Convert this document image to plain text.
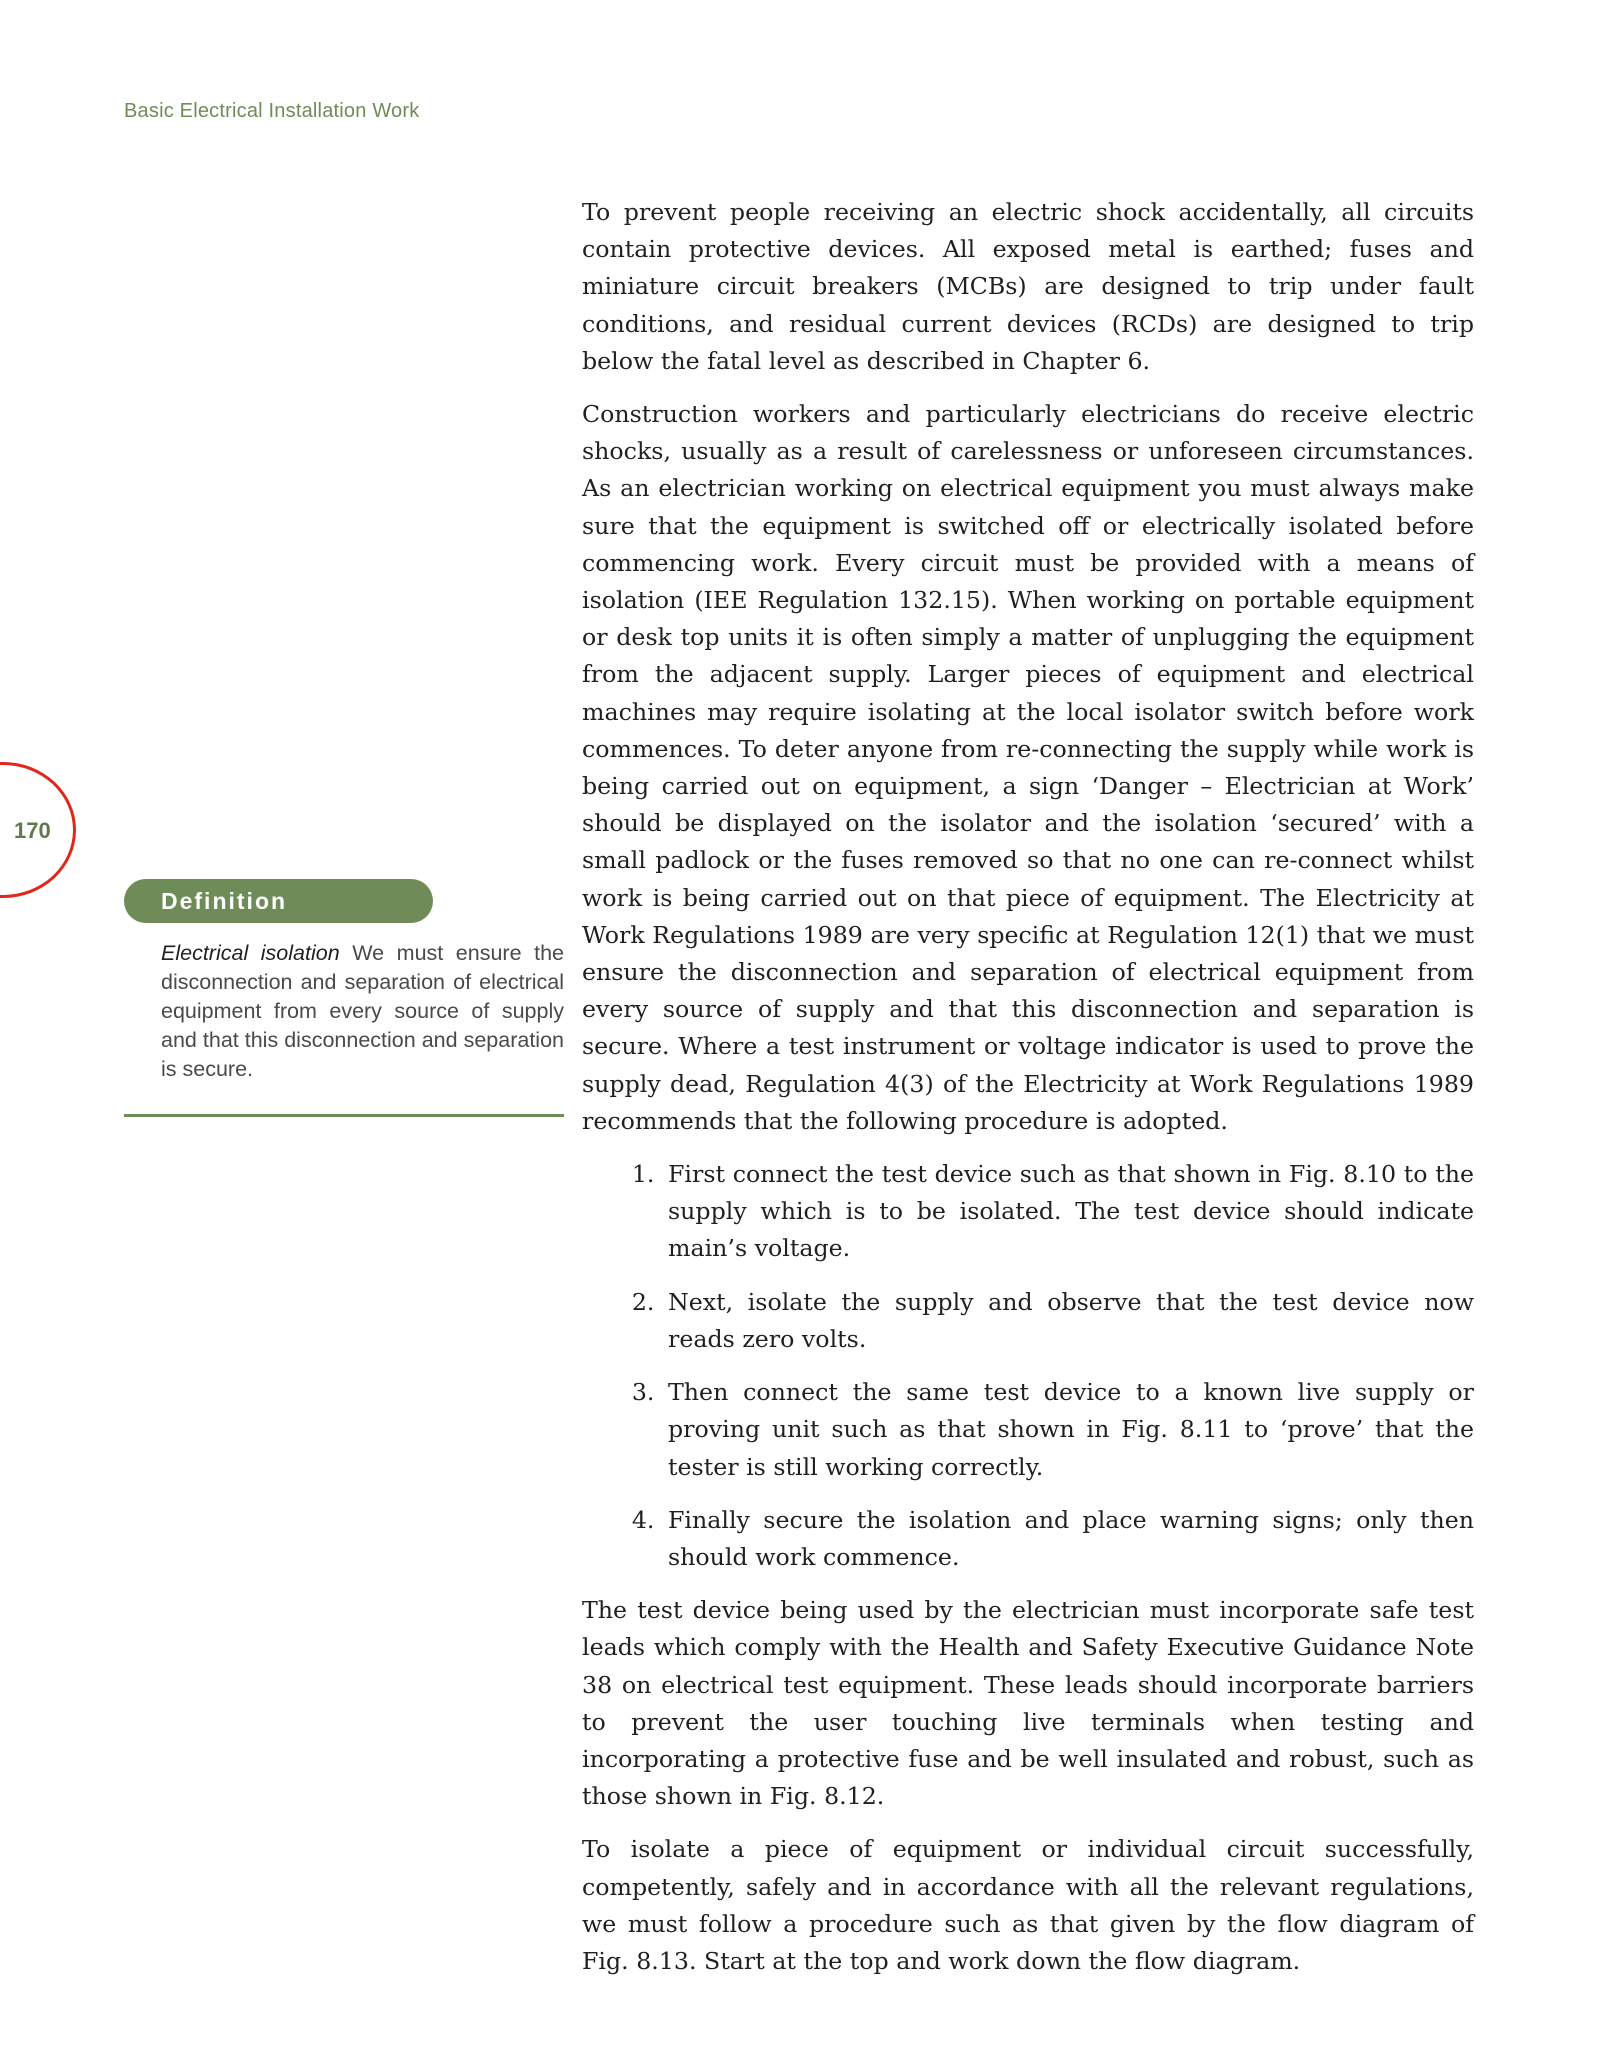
Basic Electrical Installation Work
170
Definition
Electrical isolation We must ensure the disconnection and separation of electrical equipment from every source of supply and that this disconnection and separation is secure.

To prevent people receiving an electric shock accidentally, all circuits contain protective devices. All exposed metal is earthed; fuses and miniature circuit breakers (MCBs) are designed to trip under fault conditions, and residual current devices (RCDs) are designed to trip below the fatal level as described in Chapter 6.

Construction workers and particularly electricians do receive electric shocks, usually as a result of carelessness or unforeseen circumstances. As an electrician working on electrical equipment you must always make sure that the equipment is switched off or electrically isolated before commencing work. Every circuit must be provided with a means of isolation (IEE Regulation 132.15). When working on portable equipment or desk top units it is often simply a matter of unplugging the equipment from the adjacent supply. Larger pieces of equipment and electrical machines may require isolating at the local isolator switch before work commences. To deter anyone from re-connecting the supply while work is being carried out on equipment, a sign ‘Danger – Electrician at Work’ should be displayed on the isolator and the isolation ‘secured’ with a small padlock or the fuses removed so that no one can re-connect whilst work is being carried out on that piece of equipment. The Electricity at Work Regulations 1989 are very specific at Regulation 12(1) that we must ensure the disconnection and separation of electrical equipment from every source of supply and that this disconnection and separation is secure. Where a test instrument or voltage indicator is used to prove the supply dead, Regulation 4(3) of the Electricity at Work Regulations 1989 recommends that the following procedure is adopted.

1. First connect the test device such as that shown in Fig. 8.10 to the supply which is to be isolated. The test device should indicate main’s voltage.
2. Next, isolate the supply and observe that the test device now reads zero volts.
3. Then connect the same test device to a known live supply or proving unit such as that shown in Fig. 8.11 to ‘prove’ that the tester is still working correctly.
4. Finally secure the isolation and place warning signs; only then should work commence.

The test device being used by the electrician must incorporate safe test leads which comply with the Health and Safety Executive Guidance Note 38 on electrical test equipment. These leads should incorporate barriers to prevent the user touching live terminals when testing and incorporating a protective fuse and be well insulated and robust, such as those shown in Fig. 8.12.

To isolate a piece of equipment or individual circuit successfully, competently, safely and in accordance with all the relevant regulations, we must follow a procedure such as that given by the flow diagram of Fig. 8.13. Start at the top and work down the flow diagram.
